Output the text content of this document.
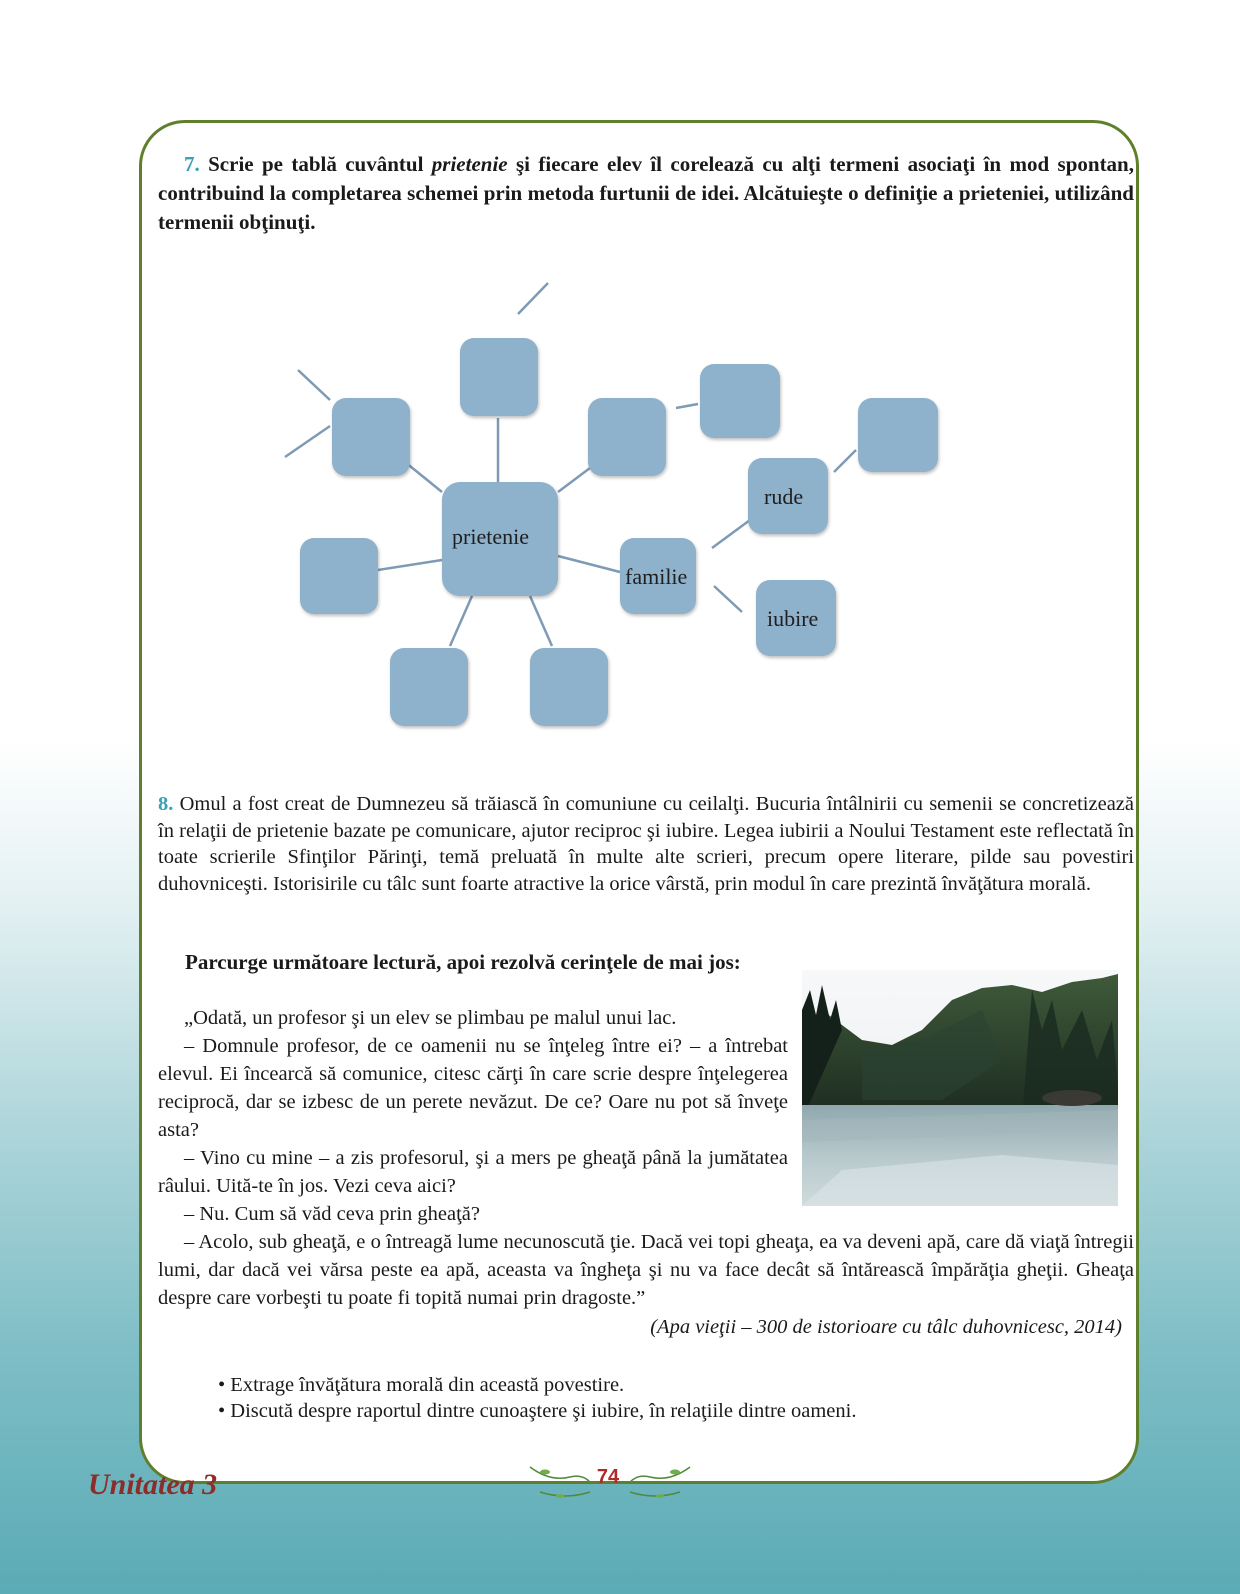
7. Scrie pe tablă cuvântul prietenie şi fiecare elev îl corelează cu alţi termeni asociaţi în mod spontan, contribuind la completarea schemei prin metoda furtunii de idei. Alcătuieşte o definiţie a prieteniei, utilizând termenii obţinuţi.

prietenie
familie
rude
iubire

8. Omul a fost creat de Dumnezeu să trăiască în comuniune cu ceilalţi. Bucuria întâlnirii cu semenii se concretizează în relaţii de prietenie bazate pe comunicare, ajutor reciproc şi iubire. Legea iubirii a Noului Testament este reflectată în toate scrierile Sfinţilor Părinţi, temă preluată în multe alte scrieri, precum opere literare, pilde sau povestiri duhovniceşti. Istorisirile cu tâlc sunt foarte atractive la orice vârstă, prin modul în care prezintă învăţătura morală.

Parcurge următoare lectură, apoi rezolvă cerinţele de mai jos:

„Odată, un profesor şi un elev se plimbau pe malul unui lac.

– Domnule profesor, de ce oamenii nu se înţeleg între ei? – a întrebat elevul. Ei încearcă să comunice, citesc cărţi în care scrie despre înţelegerea reciprocă, dar se izbesc de un perete nevăzut. De ce? Oare nu pot să înveţe asta?

– Vino cu mine – a zis profesorul, şi a mers pe gheaţă până la jumătatea râului. Uită-te în jos. Vezi ceva aici?

– Nu. Cum să văd ceva prin gheaţă?

– Acolo, sub gheaţă, e o întreagă lume necunoscută ţie. Dacă vei topi gheaţa, ea va deveni apă, care dă viaţă întregii lumi, dar dacă vei vărsa peste ea apă, aceasta va îngheţa şi nu va face decât să întărească împărăţia gheţii. Gheaţa despre care vorbeşti tu poate fi topită numai prin dragoste.”

(Apa vieţii – 300 de istorioare cu tâlc duhovnicesc, 2014)

• Extrage învăţătura morală din această povestire.

• Discută despre raportul dintre cunoaştere şi iubire, în relaţiile dintre oameni.

Unitatea 3	74
